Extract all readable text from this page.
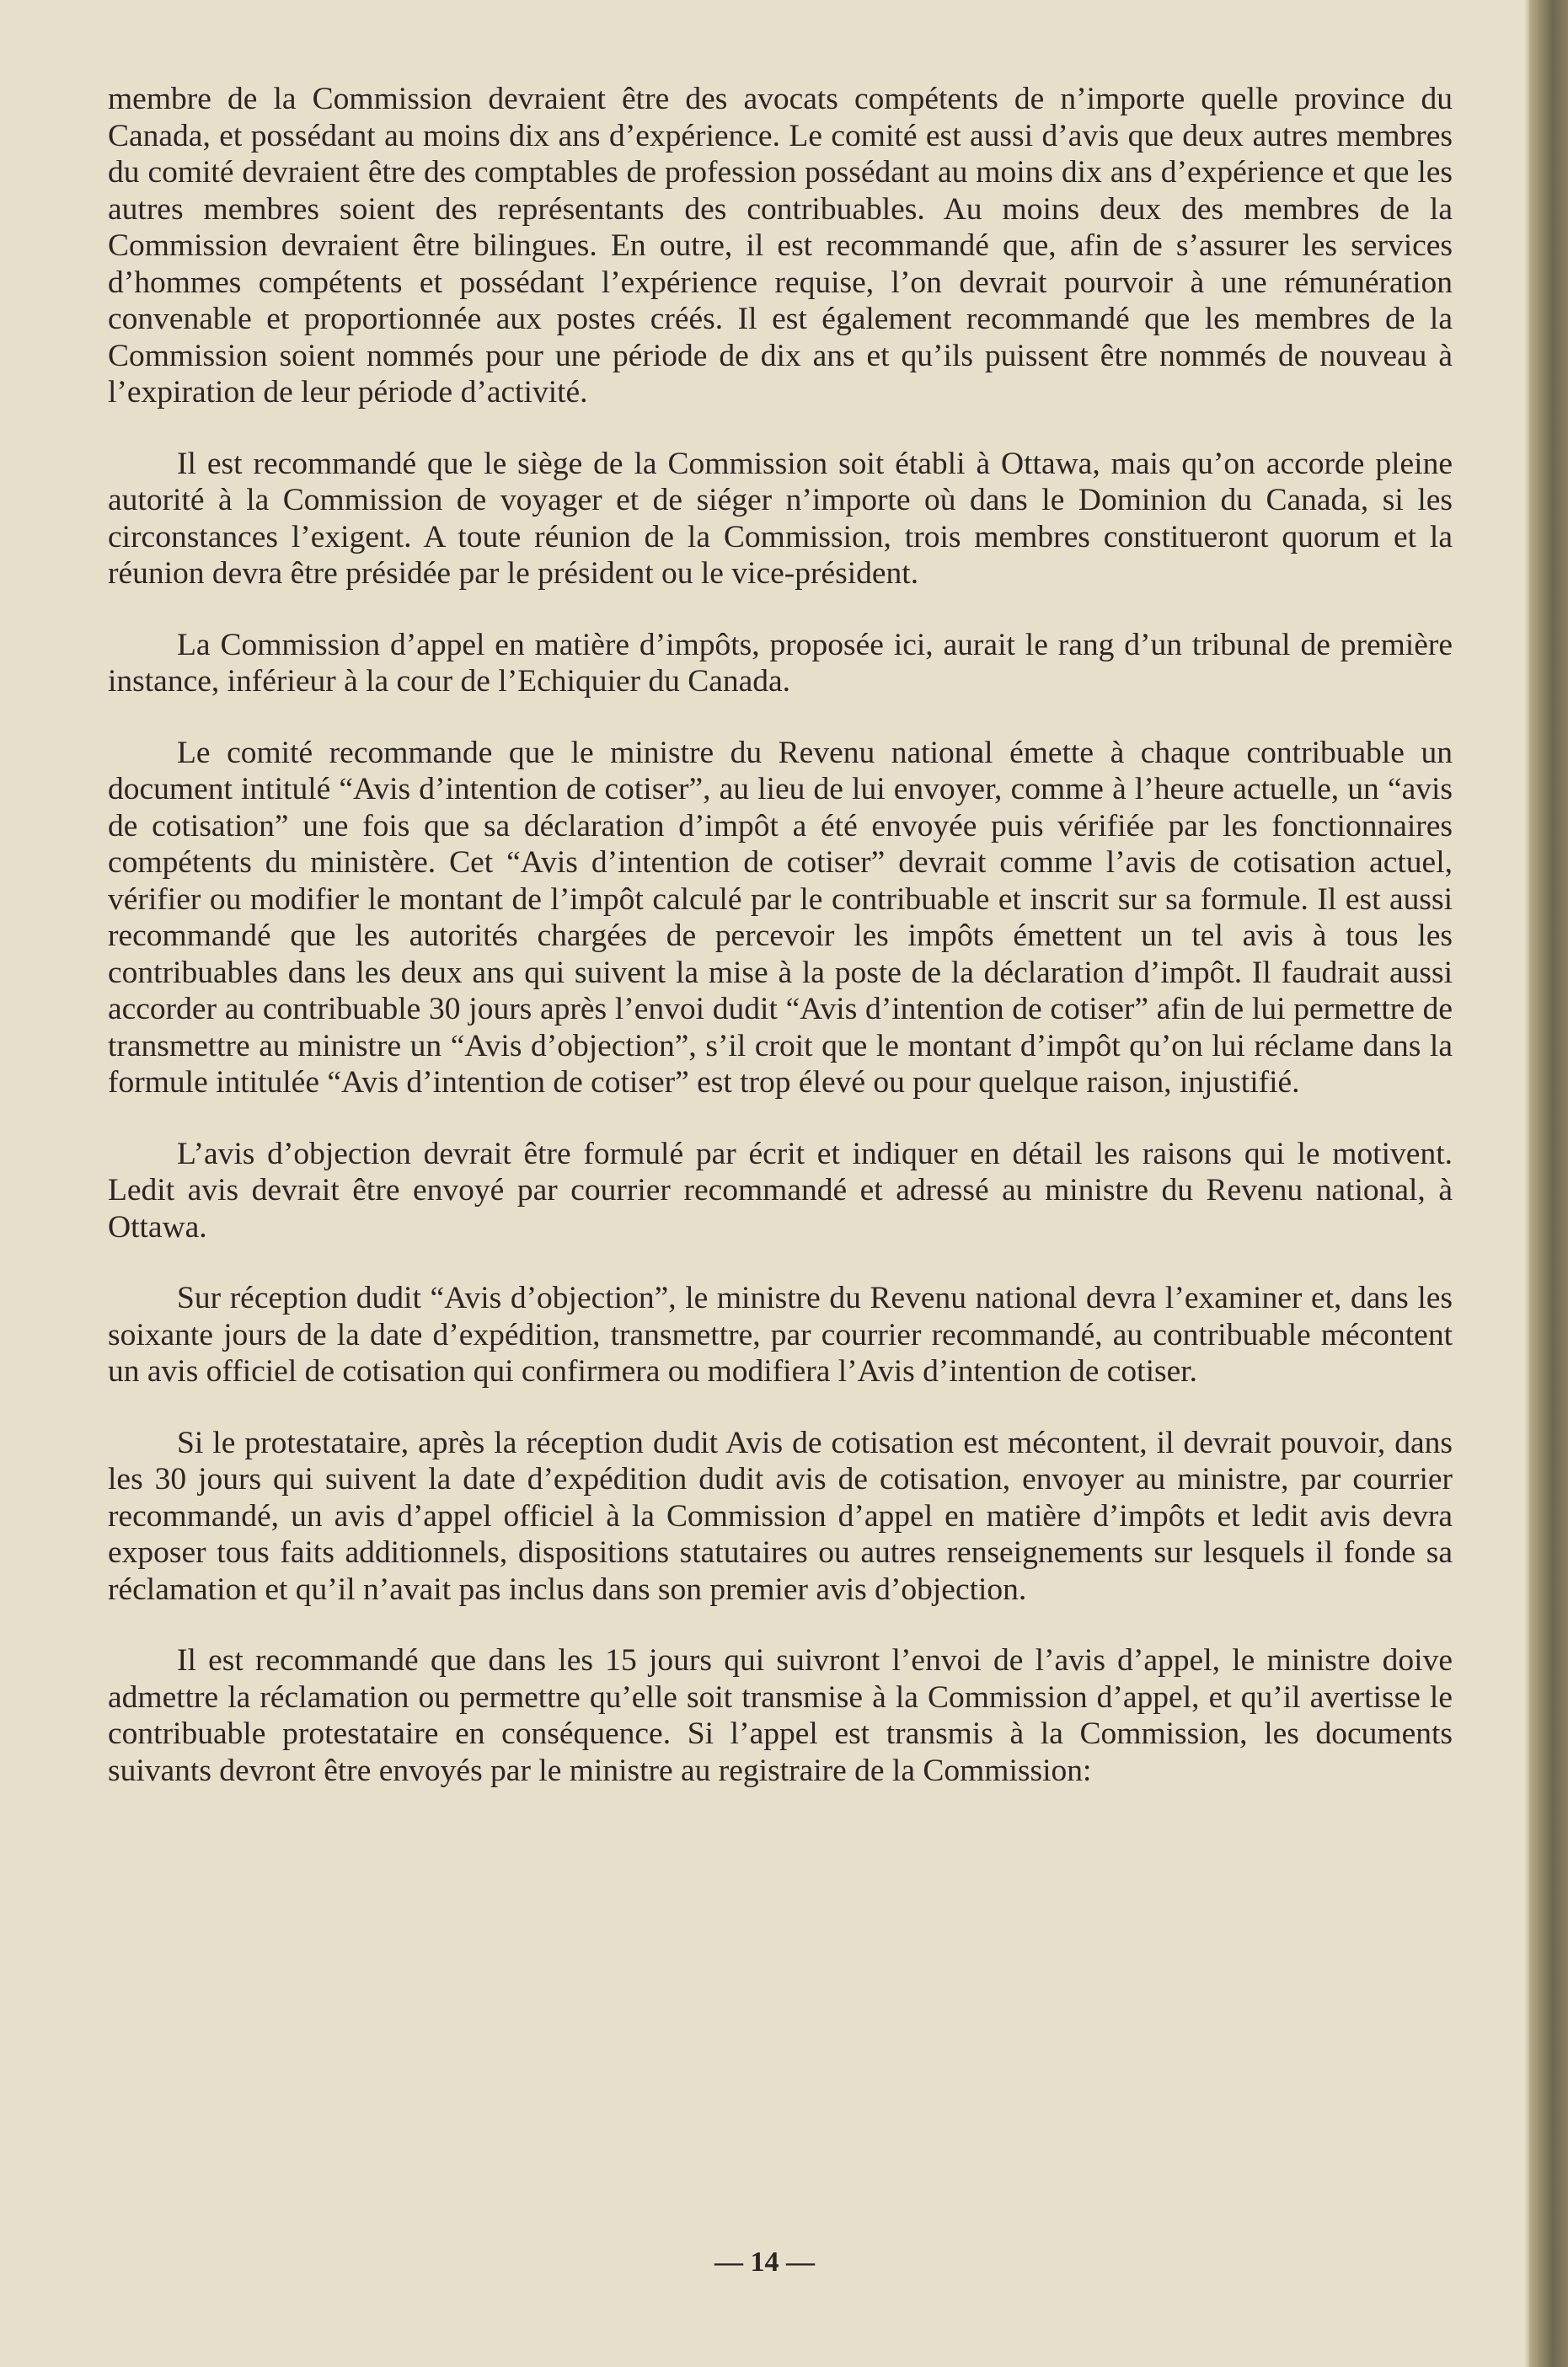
membre de la Commission devraient être des avocats compétents de n’importe quelle province du Canada, et possédant au moins dix ans d’expérience. Le comité est aussi d’avis que deux autres membres du comité devraient être des comptables de profession possédant au moins dix ans d’expérience et que les autres membres soient des représentants des contribuables. Au moins deux des membres de la Commission devraient être bilingues. En outre, il est recommandé que, afin de s’assurer les services d’hommes compétents et possédant l’expérience requise, l’on devrait pourvoir à une rémunération convenable et proportionnée aux postes créés. Il est également recommandé que les membres de la Commission soient nommés pour une période de dix ans et qu’ils puissent être nommés de nouveau à l’expiration de leur période d’activité.

Il est recommandé que le siège de la Commission soit établi à Ottawa, mais qu’on accorde pleine autorité à la Commission de voyager et de siéger n’importe où dans le Dominion du Canada, si les circonstances l’exigent. A toute réunion de la Commission, trois membres constitueront quorum et la réunion devra être présidée par le président ou le vice-président.

La Commission d’appel en matière d’impôts, proposée ici, aurait le rang d’un tribunal de première instance, inférieur à la cour de l’Echiquier du Canada.

Le comité recommande que le ministre du Revenu national émette à chaque contribuable un document intitulé “Avis d’intention de cotiser”, au lieu de lui envoyer, comme à l’heure actuelle, un “avis de cotisation” une fois que sa déclaration d’impôt a été envoyée puis vérifiée par les fonctionnaires compétents du ministère. Cet “Avis d’intention de cotiser” devrait comme l’avis de cotisation actuel, vérifier ou modifier le montant de l’impôt calculé par le contribuable et inscrit sur sa formule. Il est aussi recommandé que les autorités chargées de percevoir les impôts émettent un tel avis à tous les contribuables dans les deux ans qui suivent la mise à la poste de la déclaration d’impôt. Il faudrait aussi accorder au contribuable 30 jours après l’envoi dudit “Avis d’intention de cotiser” afin de lui permettre de transmettre au ministre un “Avis d’objection”, s’il croit que le montant d’impôt qu’on lui réclame dans la formule intitulée “Avis d’intention de cotiser” est trop élevé ou pour quelque raison, injustifié.

L’avis d’objection devrait être formulé par écrit et indiquer en détail les raisons qui le motivent. Ledit avis devrait être envoyé par courrier recommandé et adressé au ministre du Revenu national, à Ottawa.

Sur réception dudit “Avis d’objection”, le ministre du Revenu national devra l’examiner et, dans les soixante jours de la date d’expédition, transmettre, par courrier recommandé, au contribuable mécontent un avis officiel de cotisation qui confirmera ou modifiera l’Avis d’intention de cotiser.

Si le protestataire, après la réception dudit Avis de cotisation est mécontent, il devrait pouvoir, dans les 30 jours qui suivent la date d’expédition dudit avis de cotisation, envoyer au ministre, par courrier recommandé, un avis d’appel officiel à la Commission d’appel en matière d’impôts et ledit avis devra exposer tous faits additionnels, dispositions statutaires ou autres renseignements sur lesquels il fonde sa réclamation et qu’il n’avait pas inclus dans son premier avis d’objection.

Il est recommandé que dans les 15 jours qui suivront l’envoi de l’avis d’appel, le ministre doive admettre la réclamation ou permettre qu’elle soit transmise à la Commission d’appel, et qu’il avertisse le contribuable protestataire en conséquence. Si l’appel est transmis à la Commission, les documents suivants devront être envoyés par le ministre au registraire de la Commission:

— 14 —
